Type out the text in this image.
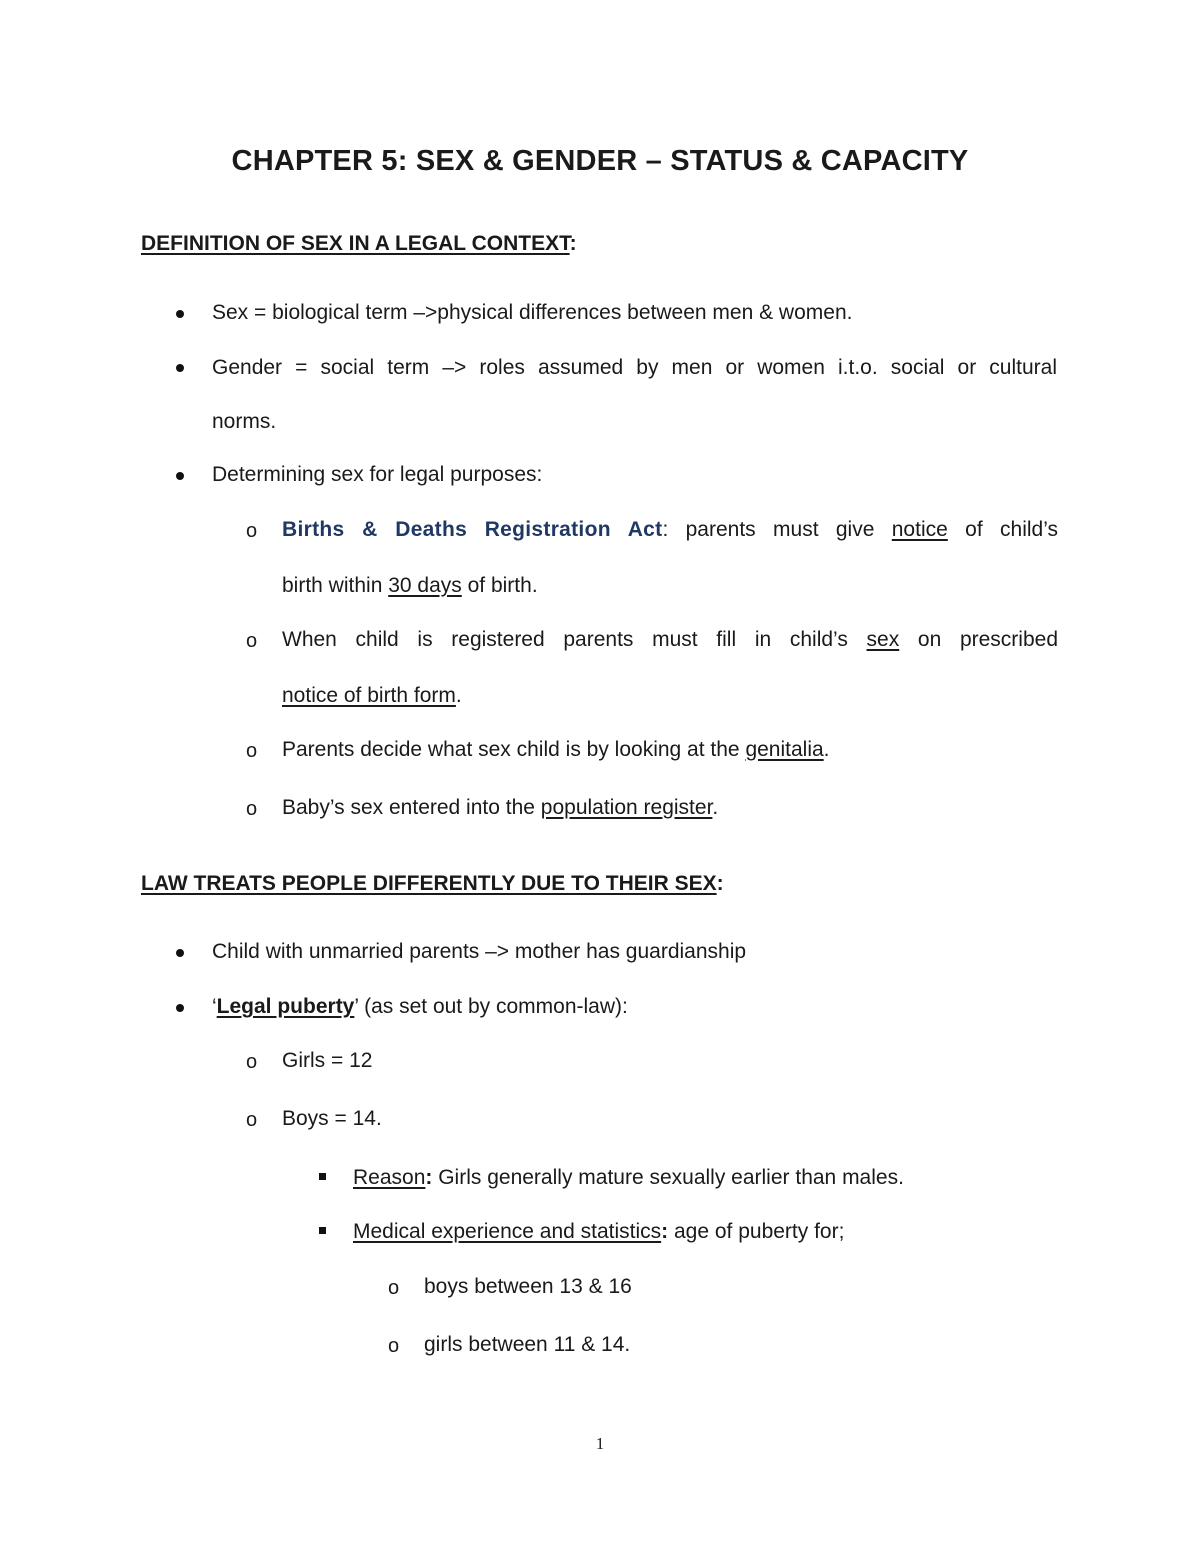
CHAPTER 5: SEX & GENDER – STATUS & CAPACITY
DEFINITION OF SEX IN A LEGAL CONTEXT:
Sex = biological term –>physical differences between men & women.
Gender = social term –> roles assumed by men or women i.t.o. social or cultural
norms.
Determining sex for legal purposes:
o Births & Deaths Registration Act: parents must give notice of child’s
birth within 30 days of birth.
o When child is registered parents must fill in child’s sex on prescribed
notice of birth form.
o Parents decide what sex child is by looking at the genitalia.
o Baby’s sex entered into the population register.
LAW TREATS PEOPLE DIFFERENTLY DUE TO THEIR SEX:
Child with unmarried parents –> mother has guardianship
‘Legal puberty’ (as set out by common-law):
o Girls = 12
o Boys = 14.
Reason: Girls generally mature sexually earlier than males.
Medical experience and statistics: age of puberty for;
o boys between 13 & 16
o girls between 11 & 14.
1
